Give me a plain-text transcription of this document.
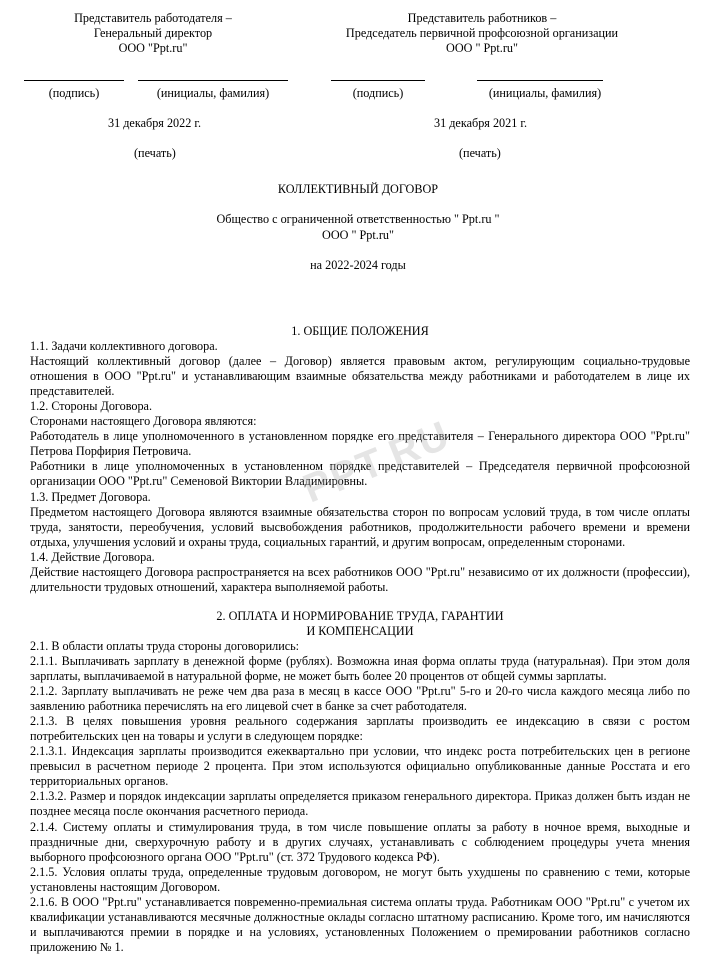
Представитель работодателя –
Генеральный директор
ООО "Ppt.ru"
Представитель работников –
Председатель первичной профсоюзной организации
ООО " Ppt.ru"
(подпись)	(инициалы, фамилия)	(подпись)	(инициалы, фамилия)
31 декабря 2022 г.	31 декабря 2021 г.
(печать)	(печать)
КОЛЛЕКТИВНЫЙ ДОГОВОР
Общество с ограниченной ответственностью " Ppt.ru "
ООО " Ppt.ru"
на 2022-2024 годы
1. ОБЩИЕ ПОЛОЖЕНИЯ

1.1. Задачи коллективного договора.

Настоящий коллективный договор (далее – Договор) является правовым актом, регулирующим социально-трудовые отношения в ООО "Ppt.ru" и устанавливающим взаимные обязательства между работниками и работодателем в лице их представителей.

1.2. Стороны Договора.

Сторонами настоящего Договора являются:

Работодатель в лице уполномоченного в установленном порядке его представителя – Генерального директора ООО "Ppt.ru" Петрова Порфирия Петровича.

Работники в лице уполномоченных в установленном порядке представителей – Председателя первичной профсоюзной организации ООО "Ppt.ru" Семеновой Виктории Владимировны.

1.3. Предмет Договора.

Предметом настоящего Договора являются взаимные обязательства сторон по вопросам условий труда, в том числе оплаты труда, занятости, переобучения, условий высвобождения работников, продолжительности рабочего времени и времени отдыха, улучшения условий и охраны труда, социальных гарантий, и другим вопросам, определенным сторонами.

1.4. Действие Договора.

Действие настоящего Договора распространяется на всех работников ООО "Ppt.ru" независимо от их должности (профессии), длительности трудовых отношений, характера выполняемой работы.

2. ОПЛАТА И НОРМИРОВАНИЕ ТРУДА, ГАРАНТИИ
И КОМПЕНСАЦИИ

2.1. В области оплаты труда стороны договорились:

2.1.1. Выплачивать зарплату в денежной форме (рублях). Возможна иная форма оплаты труда (натуральная). При этом доля зарплаты, выплачиваемой в натуральной форме, не может быть более 20 процентов от общей суммы зарплаты.

2.1.2. Зарплату выплачивать не реже чем два раза в месяц в кассе ООО "Ppt.ru" 5-го и 20-го числа каждого месяца либо по заявлению работника перечислять на его лицевой счет в банке за счет работодателя.

2.1.3. В целях повышения уровня реального содержания зарплаты производить ее индексацию в связи с ростом потребительских цен на товары и услуги в следующем порядке:

2.1.3.1. Индексация зарплаты производится ежеквартально при условии, что индекс роста потребительских цен в регионе превысил в расчетном периоде 2 процента. При этом используются официально опубликованные данные Росстата и его территориальных органов.

2.1.3.2. Размер и порядок индексации зарплаты определяется приказом генерального директора. Приказ должен быть издан не позднее месяца после окончания расчетного периода.

2.1.4. Систему оплаты и стимулирования труда, в том числе повышение оплаты за работу в ночное время, выходные и праздничные дни, сверхурочную работу и в других случаях, устанавливать с соблюдением процедуры учета мнения выборного профсоюзного органа ООО "Ppt.ru" (ст. 372 Трудового кодекса РФ).

2.1.5. Условия оплаты труда, определенные трудовым договором, не могут быть ухудшены по сравнению с теми, которые установлены настоящим Договором.

2.1.6. В ООО "Ppt.ru" устанавливается повременно-премиальная система оплаты труда. Работникам ООО "Ppt.ru" с учетом их квалификации устанавливаются месячные должностные оклады согласно штатному расписанию. Кроме того, им начисляются и выплачиваются премии в порядке и на условиях, установленных Положением о премировании работников согласно приложению № 1.

PPT.RU
